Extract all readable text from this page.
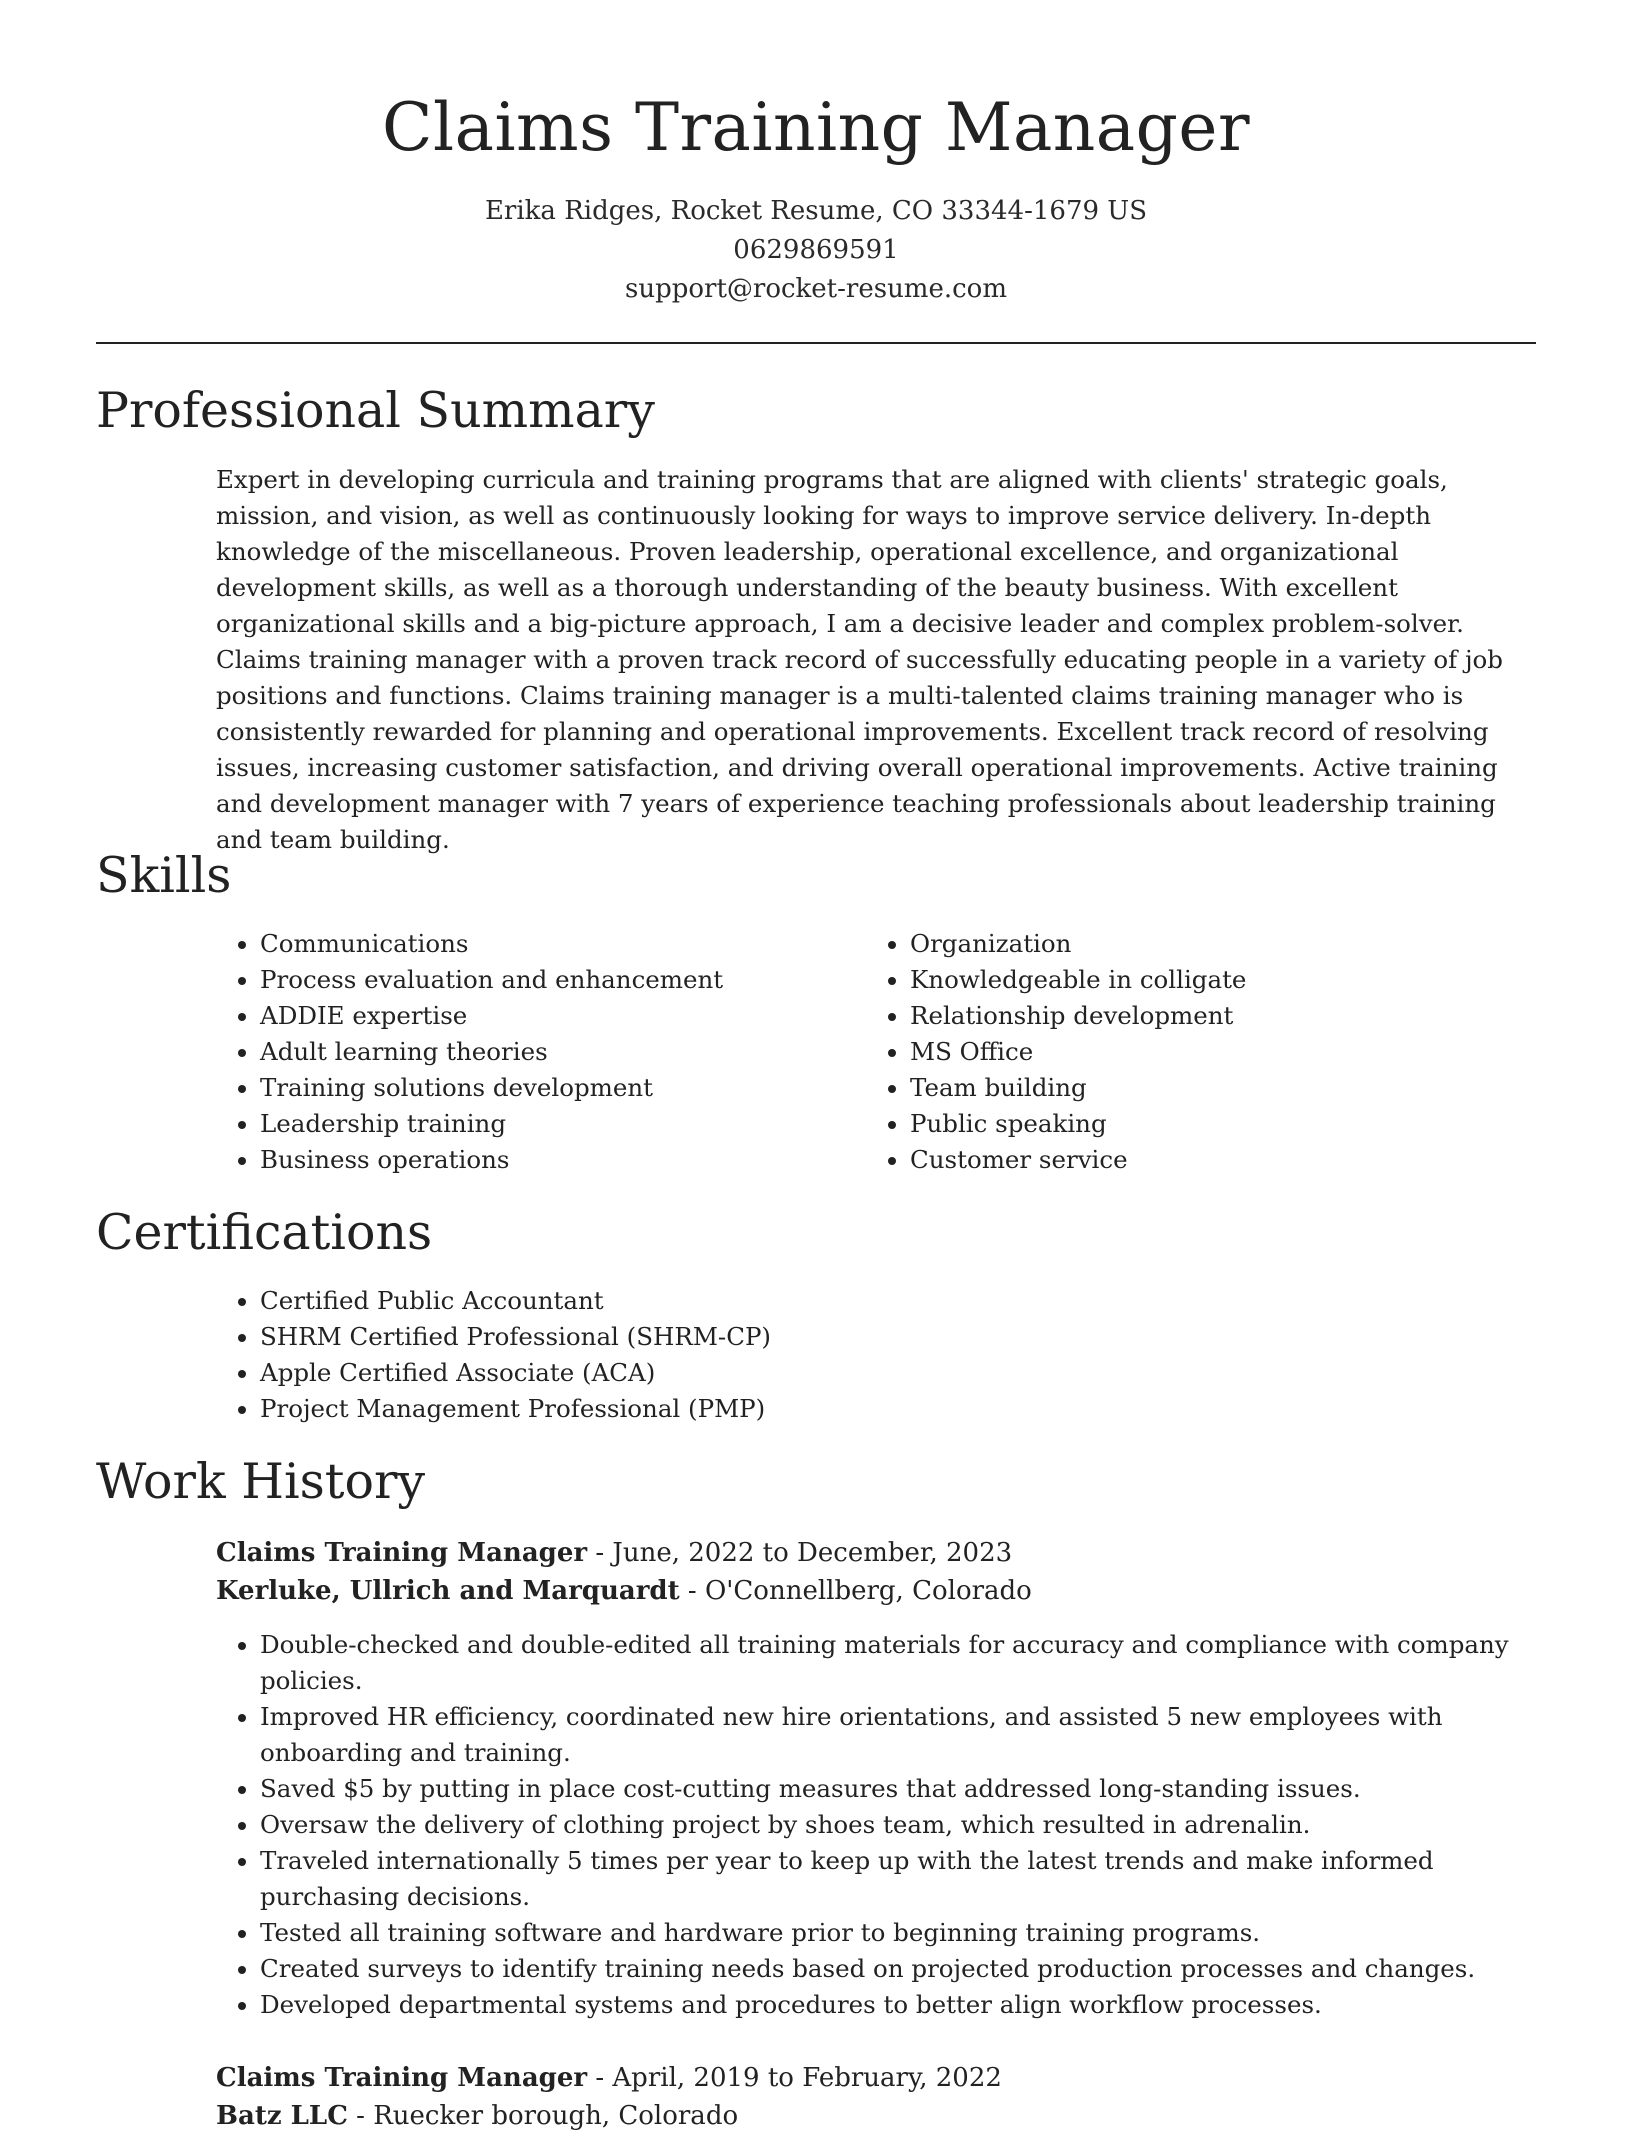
Claims Training Manager
Erika Ridges, Rocket Resume, CO 33344-1679 US
0629869591
support@rocket-resume.com
Professional Summary

Expert in developing curricula and training programs that are aligned with clients' strategic goals, mission, and vision, as well as continuously looking for ways to improve service delivery. In-depth knowledge of the miscellaneous. Proven leadership, operational excellence, and organizational development skills, as well as a thorough understanding of the beauty business. With excellent organizational skills and a big-picture approach, I am a decisive leader and complex problem-solver. Claims training manager with a proven track record of successfully educating people in a variety of job positions and functions. Claims training manager is a multi-talented claims training manager who is consistently rewarded for planning and operational improvements. Excellent track record of resolving issues, increasing customer satisfaction, and driving overall operational improvements. Active training and development manager with 7 years of experience teaching professionals about leadership training and team building.

Skills
• Communications
• Process evaluation and enhancement
• ADDIE expertise
• Adult learning theories
• Training solutions development
• Leadership training
• Business operations
• Organization
• Knowledgeable in colligate
• Relationship development
• MS Office
• Team building
• Public speaking
• Customer service
Certifications
• Certified Public Accountant
• SHRM Certified Professional (SHRM-CP)
• Apple Certified Associate (ACA)
• Project Management Professional (PMP)
Work History
Claims Training Manager - June, 2022 to December, 2023
Kerluke, Ullrich and Marquardt - O'Connellberg, Colorado
• Double-checked and double-edited all training materials for accuracy and compliance with company policies.
• Improved HR efficiency, coordinated new hire orientations, and assisted 5 new employees with onboarding and training.
• Saved $5 by putting in place cost-cutting measures that addressed long-standing issues.
• Oversaw the delivery of clothing project by shoes team, which resulted in adrenalin.
• Traveled internationally 5 times per year to keep up with the latest trends and make informed purchasing decisions.
• Tested all training software and hardware prior to beginning training programs.
• Created surveys to identify training needs based on projected production processes and changes.
• Developed departmental systems and procedures to better align workflow processes.
Claims Training Manager - April, 2019 to February, 2022
Batz LLC - Ruecker borough, Colorado
